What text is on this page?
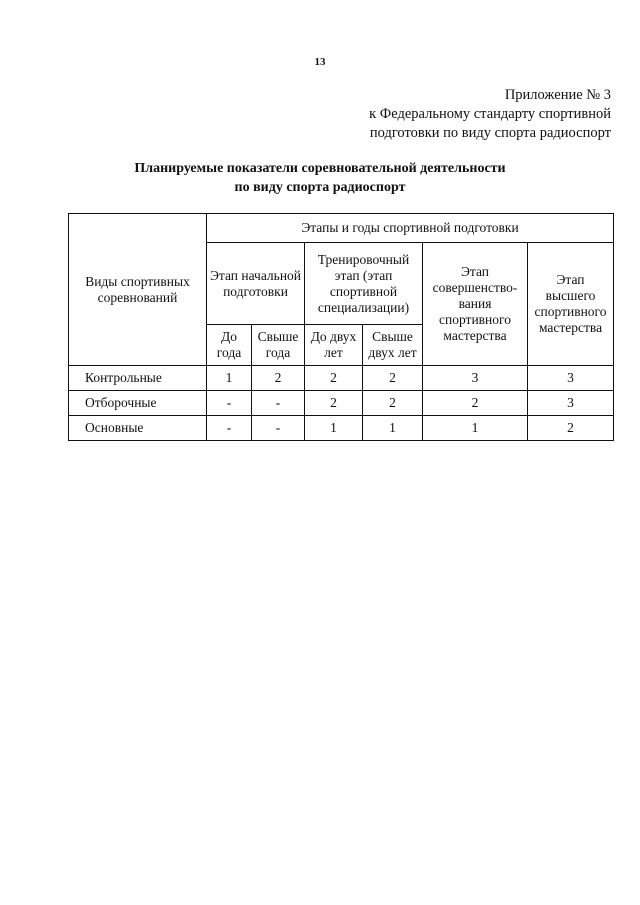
13
Приложение № 3
к Федеральному стандарту спортивной
подготовки по виду спорта радиоспорт
Планируемые показатели соревновательной деятельности
по виду спорта радиоспорт
Виды спортивных соревнований	Этапы и годы спортивной подготовки					
	Этап начальной подготовки		Тренировочный этап (этап спортивной специализации)		Этап совершенство-вания спортивного мастерства	Этап высшего спортивного мастерства
	До года	Свыше года	До двух лет	Свыше двух лет		
Контрольные	1	2	2	2	3	3
Отборочные	-	-	2	2	2	3
Основные	-	-	1	1	1	2
